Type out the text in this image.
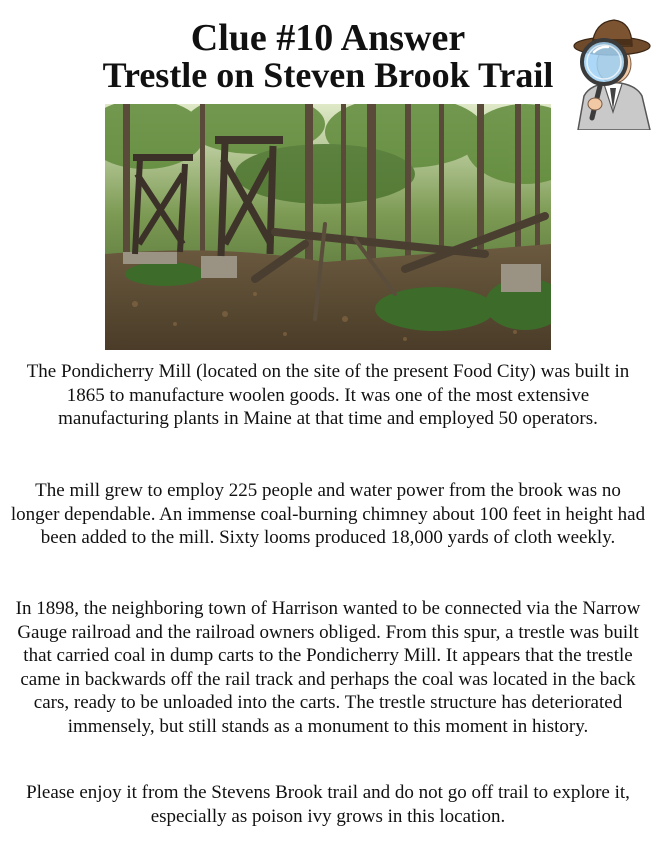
Clue #10 Answer
Trestle on Steven Brook Trail

The Pondicherry Mill (located on the site of the present Food City) was built in 1865 to manufacture woolen goods. It was one of the most extensive manufacturing plants in Maine at that time and employed 50 operators.

The mill grew to employ 225 people and water power from the brook was no longer dependable. An immense coal-burning chimney about 100 feet in height had been added to the mill. Sixty looms produced 18,000 yards of cloth weekly.

In 1898, the neighboring town of Harrison wanted to be connected via the Narrow Gauge railroad and the railroad owners obliged. From this spur, a trestle was built that carried coal in dump carts to the Pondicherry Mill. It appears that the trestle came in backwards off the rail track and perhaps the coal was located in the back cars, ready to be unloaded into the carts. The trestle structure has deteriorated immensely, but still stands as a monument to this moment in history.

Please enjoy it from the Stevens Brook trail and do not go off trail to explore it, especially as poison ivy grows in this location.
